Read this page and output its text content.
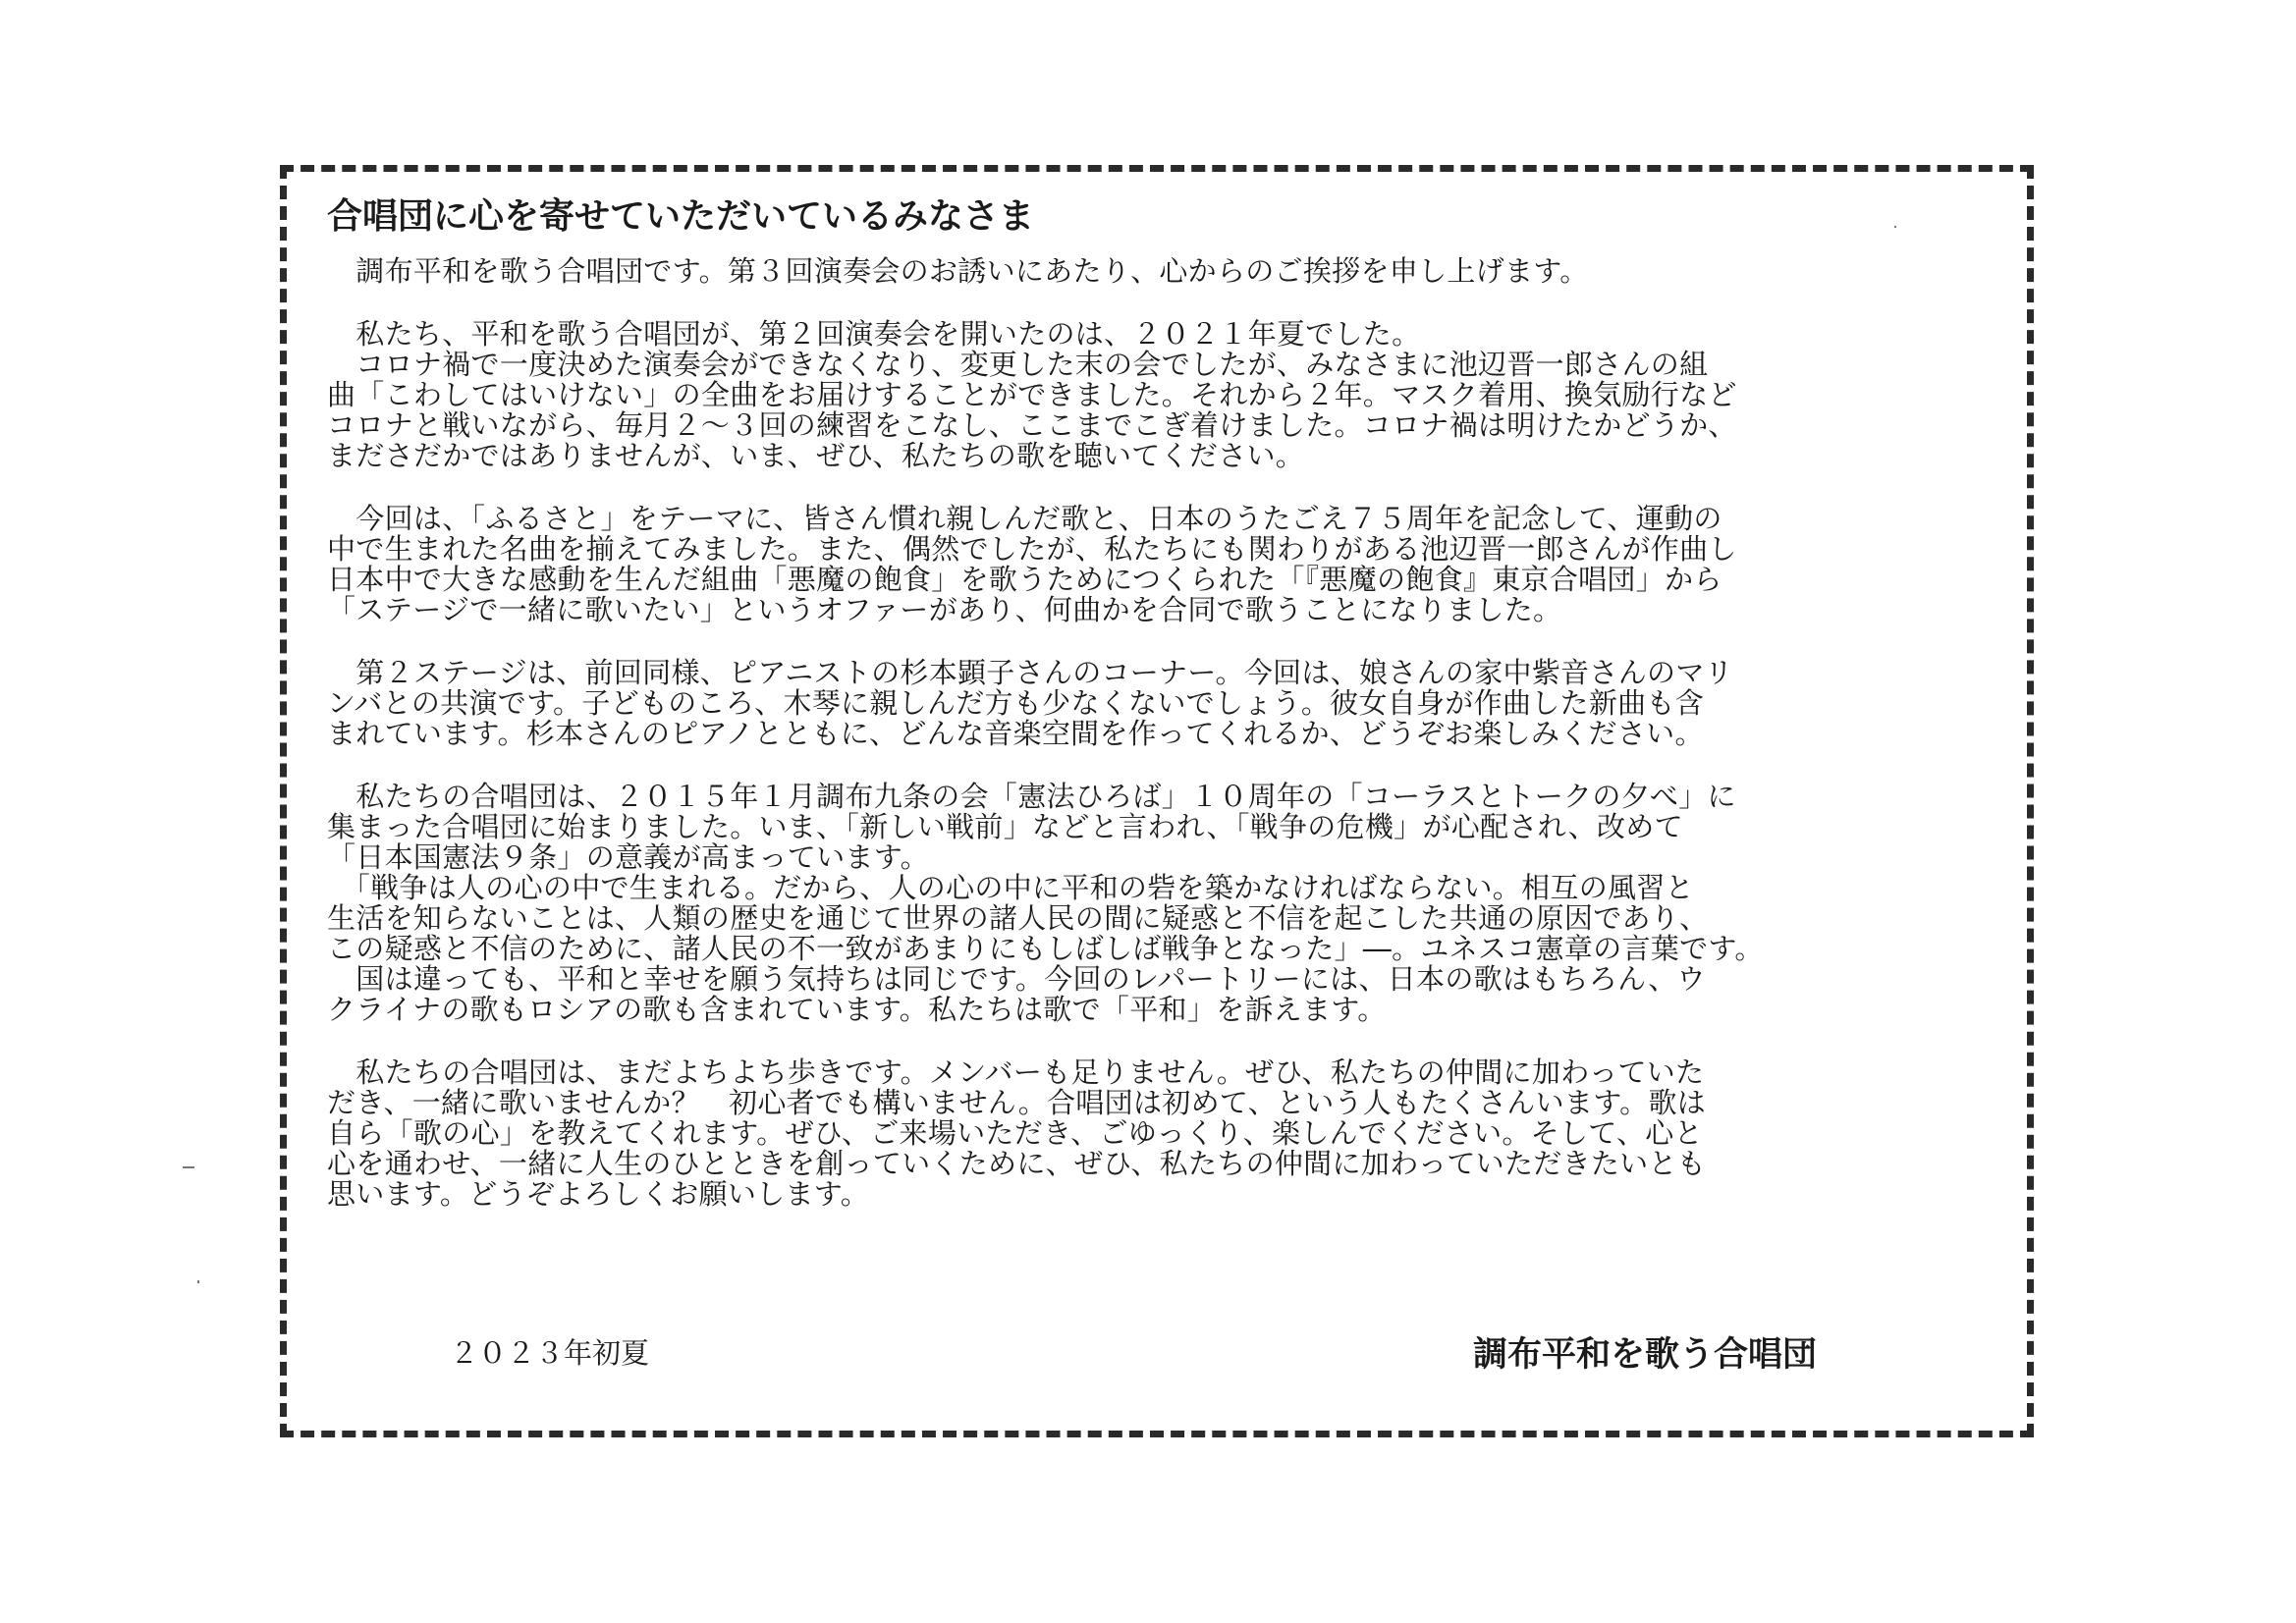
合唱団に心を寄せていただいているみなさま
　調布平和を歌う合唱団です。第３回演奏会のお誘いにあたり、心からのご挨拶を申し上げます。
　私たち、平和を歌う合唱団が、第２回演奏会を開いたのは、２０２１年夏でした。
　コロナ禍で一度決めた演奏会ができなくなり、変更した末の会でしたが、みなさまに池辺晋一郎さんの組
曲「こわしてはいけない」の全曲をお届けすることができました。それから２年。マスク着用、換気励行など
コロナと戦いながら、毎月２～３回の練習をこなし、ここまでこぎ着けました。コロナ禍は明けたかどうか、
まださだかではありませんが、いま、ぜひ、私たちの歌を聴いてください。
　今回は、「ふるさと」をテーマに、皆さん慣れ親しんだ歌と、日本のうたごえ７５周年を記念して、運動の
中で生まれた名曲を揃えてみました。また、偶然でしたが、私たちにも関わりがある池辺晋一郎さんが作曲し
日本中で大きな感動を生んだ組曲「悪魔の飽食」を歌うためにつくられた「『悪魔の飽食』東京合唱団」から
「ステージで一緒に歌いたい」というオファーがあり、何曲かを合同で歌うことになりました。
　第２ステージは、前回同様、ピアニストの杉本顕子さんのコーナー。今回は、娘さんの家中紫音さんのマリ
ンバとの共演です。子どものころ、木琴に親しんだ方も少なくないでしょう。彼女自身が作曲した新曲も含
まれています。杉本さんのピアノとともに、どんな音楽空間を作ってくれるか、どうぞお楽しみください。
　私たちの合唱団は、２０１５年１月調布九条の会「憲法ひろば」１０周年の「コーラスとトークの夕べ」に
集まった合唱団に始まりました。いま、「新しい戦前」などと言われ、「戦争の危機」が心配され、改めて
「日本国憲法９条」の意義が高まっています。
　「戦争は人の心の中で生まれる。だから、人の心の中に平和の砦を築かなければならない。相互の風習と
生活を知らないことは、人類の歴史を通じて世界の諸人民の間に疑惑と不信を起こした共通の原因であり、
この疑惑と不信のために、諸人民の不一致があまりにもしばしば戦争となった」―。ユネスコ憲章の言葉です。
　国は違っても、平和と幸せを願う気持ちは同じです。今回のレパートリーには、日本の歌はもちろん、ウ
クライナの歌もロシアの歌も含まれています。私たちは歌で「平和」を訴えます。
　私たちの合唱団は、まだよちよち歩きです。メンバーも足りません。ぜひ、私たちの仲間に加わっていた
だき、一緒に歌いませんか？　初心者でも構いません。合唱団は初めて、という人もたくさんいます。歌は
自ら「歌の心」を教えてくれます。ぜひ、ご来場いただき、ごゆっくり、楽しんでください。そして、心と
心を通わせ、一緒に人生のひとときを創っていくために、ぜひ、私たちの仲間に加わっていただきたいとも
思います。どうぞよろしくお願いします。
２０２３年初夏	調布平和を歌う合唱団
